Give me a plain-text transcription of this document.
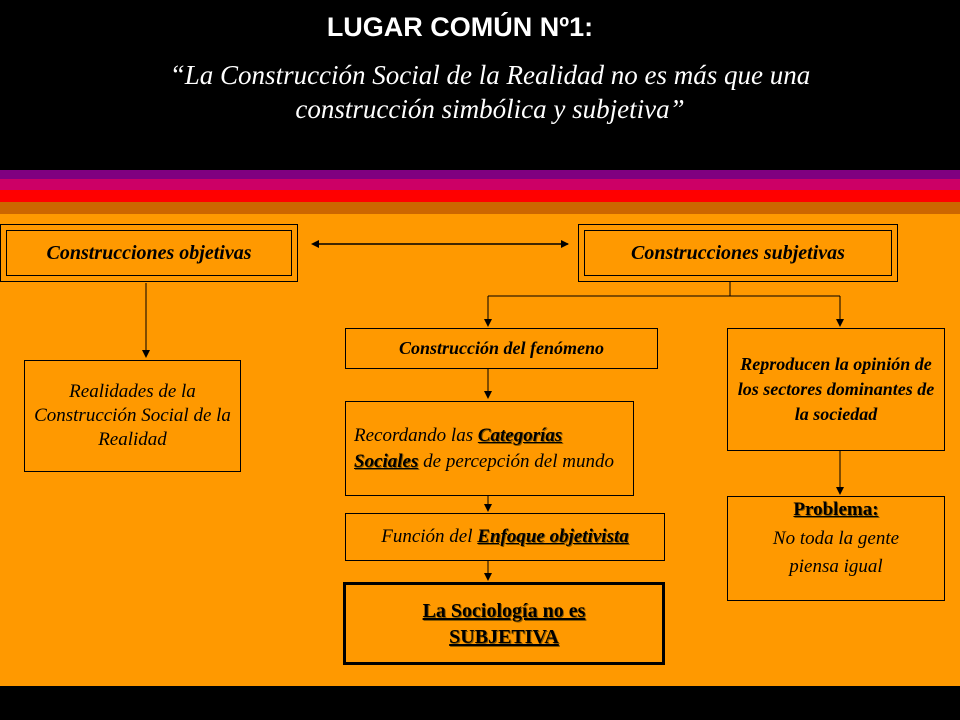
LUGAR COMÚN Nº1:
“La Construcción Social de la Realidad no es más que una
construcción simbólica y subjetiva”
Construcciones objetivas	Construcciones subjetivas
Realidades de la Construcción Social de la Realidad
Construcción del fenómeno
Recordando las Categorías Sociales de percepción del mundo
Función del Enfoque objetivista
La Sociología no es SUBJETIVA
Reproducen la opinión de los sectores dominantes de la sociedad
Problema:
No toda la gente piensa igual
